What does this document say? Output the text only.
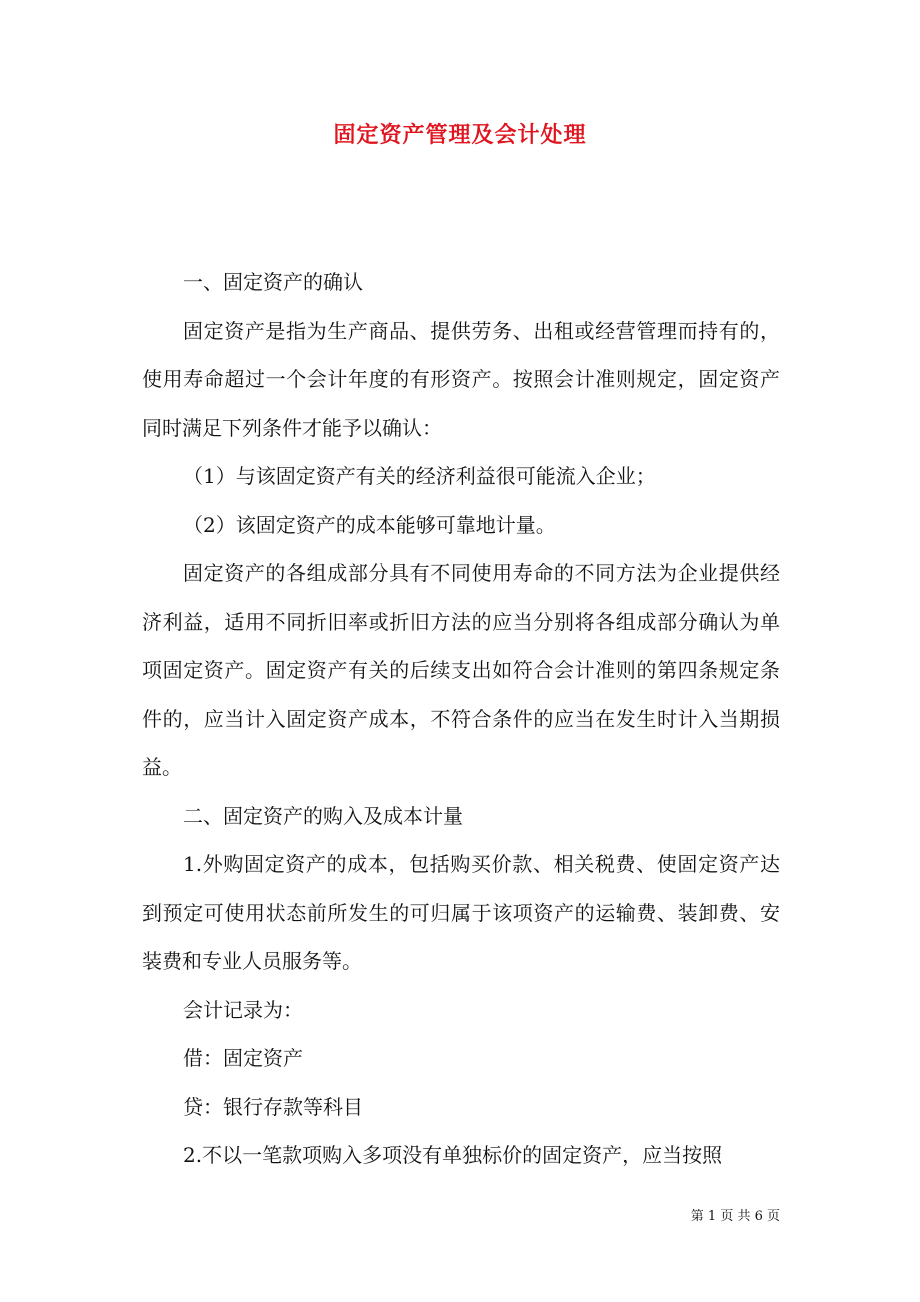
固定资产管理及会计处理

一、固定资产的确认

固定资产是指为生产商品、提供劳务、出租或经营管理而持有的，使用寿命超过一个会计年度的有形资产。按照会计准则规定，固定资产同时满足下列条件才能予以确认：

（1）与该固定资产有关的经济利益很可能流入企业；

（2）该固定资产的成本能够可靠地计量。

固定资产的各组成部分具有不同使用寿命的不同方法为企业提供经济利益，适用不同折旧率或折旧方法的应当分别将各组成部分确认为单项固定资产。固定资产有关的后续支出如符合会计准则的第四条规定条件的，应当计入固定资产成本，不符合条件的应当在发生时计入当期损益。

二、固定资产的购入及成本计量

1.外购固定资产的成本，包括购买价款、相关税费、使固定资产达到预定可使用状态前所发生的可归属于该项资产的运输费、装卸费、安装费和专业人员服务等。

会计记录为：

借：固定资产

贷：银行存款等科目

2.不以一笔款项购入多项没有单独标价的固定资产，应当按照

第 1 页 共 6 页
